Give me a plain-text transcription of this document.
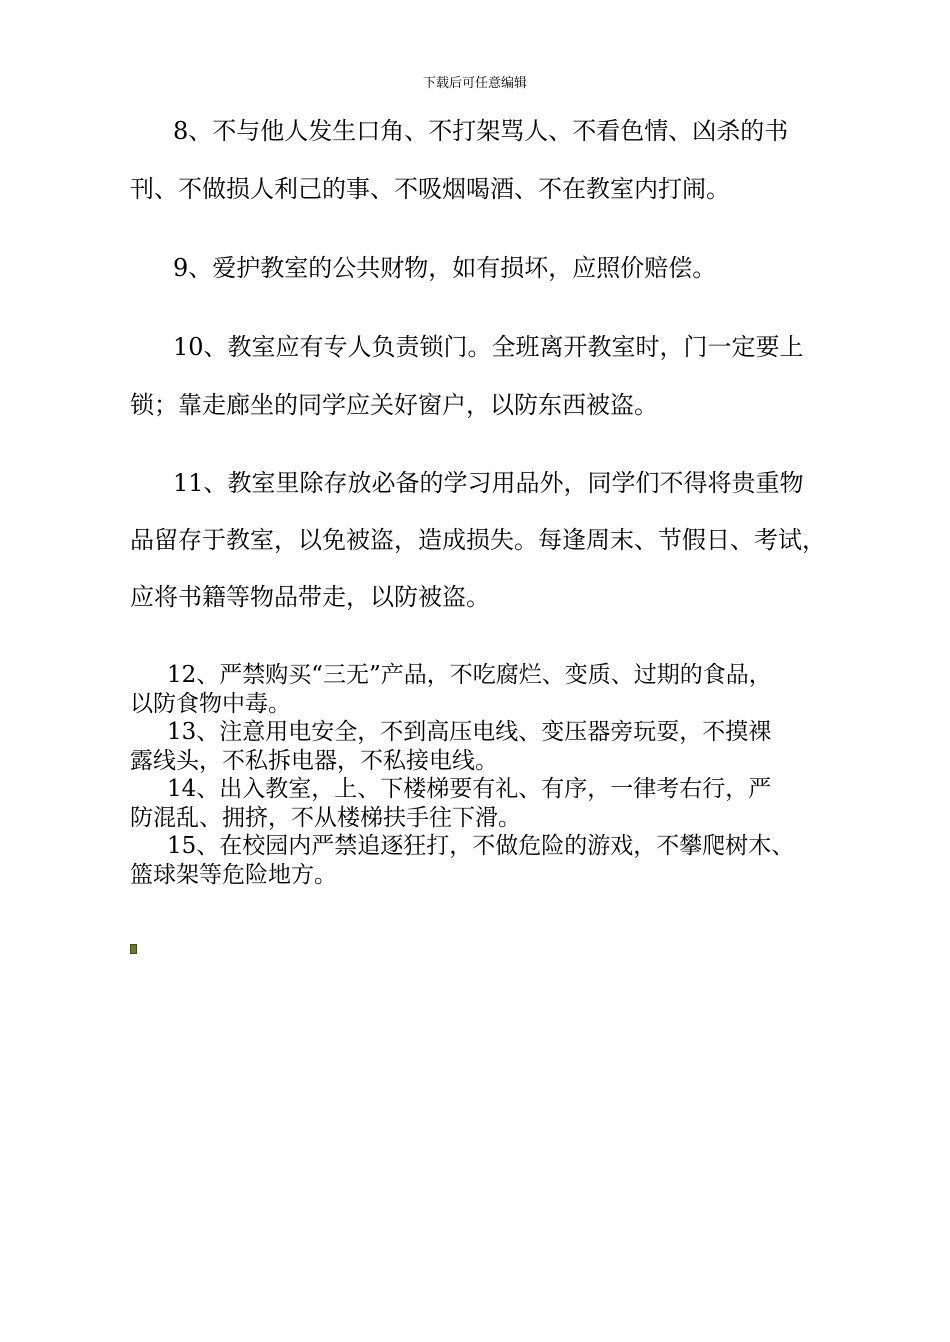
下载后可任意编辑
8、不与他人发生口角、不打架骂人、不看色情、凶杀的书
刊、不做损人利己的事、不吸烟喝酒、不在教室内打闹。
9、爱护教室的公共财物，如有损坏，应照价赔偿。
10、教室应有专人负责锁门。全班离开教室时，门一定要上
锁；靠走廊坐的同学应关好窗户，以防东西被盗。
11、教室里除存放必备的学习用品外，同学们不得将贵重物
品留存于教室，以免被盗，造成损失。每逢周末、节假日、考试，
应将书籍等物品带走，以防被盗。
12、严禁购买“三无”产品，不吃腐烂、变质、过期的食品，
以防食物中毒。
13、注意用电安全，不到高压电线、变压器旁玩耍，不摸裸
露线头，不私拆电器，不私接电线。
14、出入教室，上、下楼梯要有礼、有序，一律考右行，严
防混乱、拥挤，不从楼梯扶手往下滑。
15、在校园内严禁追逐狂打，不做危险的游戏，不攀爬树木、
篮球架等危险地方。
